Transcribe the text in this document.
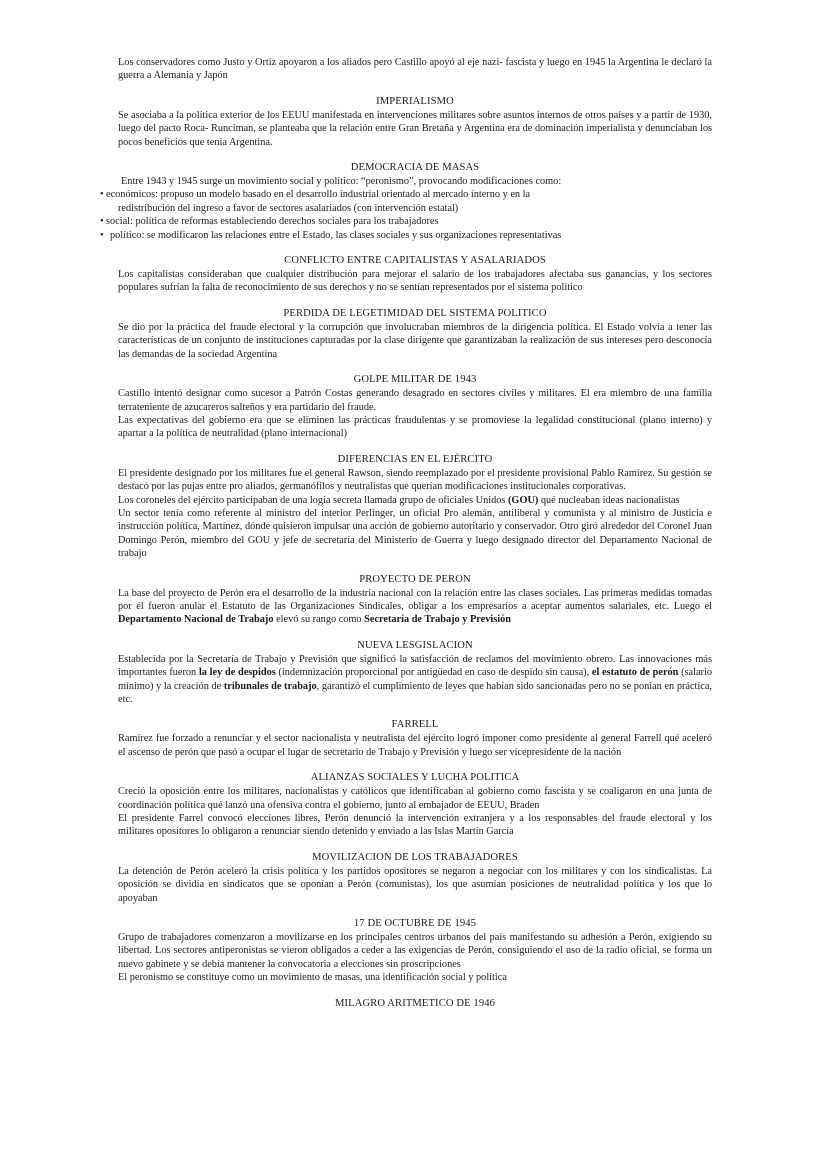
Los conservadores como Justo y Ortiz apoyaron a los aliados pero Castillo apoyó al eje nazi- fascista y luego en 1945 la Argentina le declaró la guerra a Alemania y Japón

IMPERIALISMO

Se asociaba a la política exterior de los EEUU manifestada en intervenciones militares sobre asuntos internos de otros países y a partir de 1930, luego del pacto Roca- Runciman, se planteaba que la relación entre Gran Bretaña y Argentina era de dominación imperialista y denunciaban los pocos beneficios que tenía Argentina.

DEMOCRACIA DE MASAS

Entre 1943 y 1945 surge un movimiento social y político: “peronismo”, provocando modificaciones como:

• económicos: propuso un modelo basado en el desarrollo industrial orientado al mercado interno y en la
redistribución del ingreso a favor de sectores asalariados (con intervención estatal)
• social: política de reformas estableciendo derechos sociales para los trabajadores
• político: se modificaron las relaciones entre el Estado, las clases sociales y sus organizaciones representativas
CONFLICTO ENTRE CAPITALISTAS Y ASALARIADOS

Los capitalistas consideraban que cualquier distribución para mejorar el salario de los trabajadores afectaba sus ganancias, y los sectores populares sufrían la falta de reconocimiento de sus derechos y no se sentían representados por el sistema político

PERDIDA DE LEGETIMIDAD DEL SISTEMA POLITICO

Se dio por la práctica del fraude electoral y la corrupción que involucraban miembros de la dirigencia política. El Estado volvía a tener las características de un conjunto de instituciones capturadas por la clase dirigente que garantizaban la realización de sus intereses pero desconocía las demandas de la sociedad Argentina

GOLPE MILITAR DE 1943

Castillo intentó designar como sucesor a Patrón Costas generando desagrado en sectores civiles y militares. El era miembro de una familia terrateniente de azucareros salteños y era partidario del fraude.

Las expectativas del gobierno era que se eliminen las prácticas fraudulentas y se promoviese la legalidad constitucional (plano interno) y apartar a la política de neutralidad (plano internacional)

DIFERENCIAS EN EL EJÉRCITO

El presidente designado por los militares fue el general Rawson, siendo reemplazado por el presidente provisional Pablo Ramírez. Su gestión se destacó por las pujas entre pro aliados, germanófilos y neutralistas que querían modificaciones institucionales corporativas.

Los coroneles del ejército participaban de una logia secreta llamada grupo de oficiales Unidos (GOU) qué nucleaban ideas nacionalistas

Un sector tenía como referente al ministro del interior Perlinger, un oficial Pro alemán, antiliberal y comunista y al ministro de Justicia e instrucción política, Martínez, dónde quisieron impulsar una acción de gobierno autoritario y conservador. Otro giró alrededor del Coronel Juan Domingo Perón, miembro del GOU y jefe de secretaría del Ministerio de Guerra y luego designado director del Departamento Nacional de trabajo

PROYECTO DE PERON

La base del proyecto de Perón era el desarrollo de la industria nacional con la relación entre las clases sociales. Las primeras medidas tomadas por él fueron anular el Estatuto de las Organizaciones Sindicales, obligar a los empresarios a aceptar aumentos salariales, etc. Luego el Departamento Nacional de Trabajo elevó su rango como Secretaría de Trabajo y Previsión

NUEVA LESGISLACION

Establecida por la Secretaría de Trabajo y Previsión que significó la satisfacción de reclamos del movimiento obrero. Las innovaciones más importantes fueron la ley de despidos (indemnización proporcional por antigüedad en caso de despido sin causa), el estatuto de perón (salario mínimo) y la creación de tribunales de trabajo, garantizó el cumplimiento de leyes que habían sido sancionadas pero no se ponían en práctica, etc.

FARRELL

Ramírez fue forzado a renunciar y el sector nacionalista y neutralista del ejército logró imponer como presidente al general Farrell qué aceleró el ascenso de perón que pasó a ocupar el lugar de secretario de Trabajo y Previsión y luego ser vicepresidente de la nación

ALIANZAS SOCIALES Y LUCHA POLITICA

Creció la oposición entre los militares, nacionalistas y católicos que identificaban al gobierno como fascista y se coaligaron en una junta de coordinación política qué lanzó una ofensiva contra el gobierno, junto al embajador de EEUU, Braden

El presidente Farrel convocó elecciones libres, Perón denunció la intervención extranjera y a los responsables del fraude electoral y los militares opositores lo obligaron a renunciar siendo detenido y enviado a las Islas Martín García

MOVILIZACION DE LOS TRABAJADORES

La detención de Perón aceleró la crisis política y los partidos opositores se negaron a negociar con los militares y con los sindicalistas. La oposición se dividía en sindicatos que se oponían a Perón (comunistas), los que asumían posiciones de neutralidad política y los que lo apoyaban

17 DE OCTUBRE DE 1945

Grupo de trabajadores comenzaron a movilizarse en los principales centros urbanos del país manifestando su adhesión a Perón, exigiendo su libertad. Los sectores antiperonistas se vieron obligados a ceder a las exigencias de Perón, consiguiendo el uso de la radio oficial, se forma un nuevo gabinete y se debía mantener la convocatoria a elecciones sin proscripciones

El peronismo se constituye como un movimiento de masas, una identificación social y política

MILAGRO ARITMETICO DE 1946
